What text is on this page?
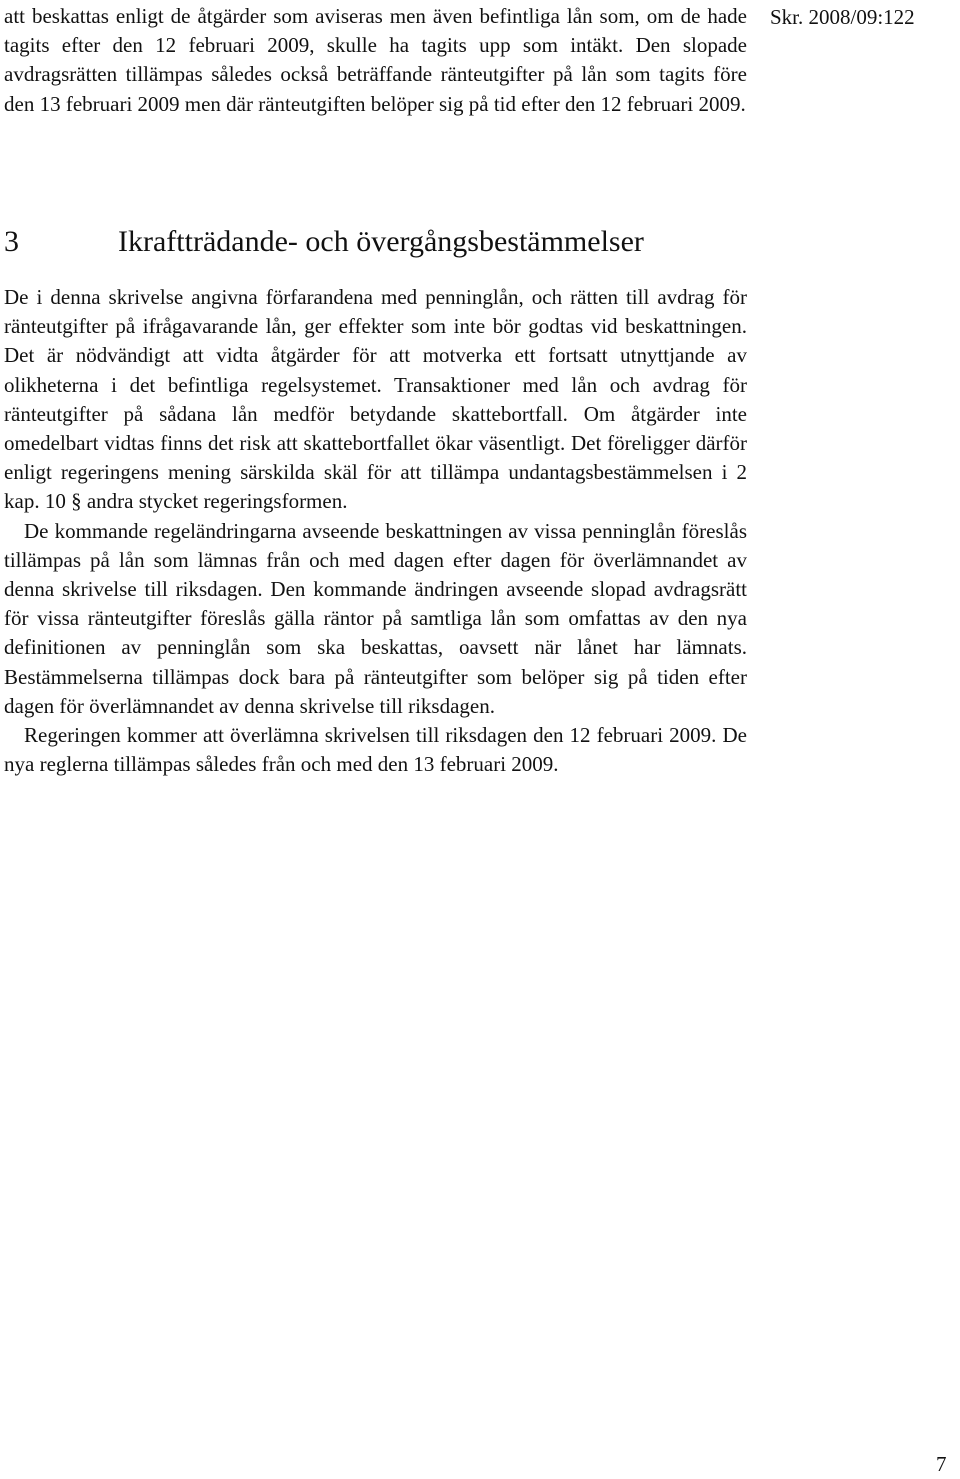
att beskattas enligt de åtgärder som aviseras men även befintliga lån som, om de hade tagits efter den 12 februari 2009, skulle ha tagits upp som intäkt. Den slopade avdragsrätten tillämpas således också beträffande ränteutgifter på lån som tagits före den 13 februari 2009 men där ränteutgiften belöper sig på tid efter den 12 februari 2009.

Skr. 2008/09:122
3	Ikraftträdande- och övergångsbestämmelser

De i denna skrivelse angivna förfarandena med penninglån, och rätten till avdrag för ränteutgifter på ifrågavarande lån, ger effekter som inte bör godtas vid beskattningen. Det är nödvändigt att vidta åtgärder för att motverka ett fortsatt utnyttjande av olikheterna i det befintliga regelsystemet. Transaktioner med lån och avdrag för ränteutgifter på sådana lån medför betydande skattebortfall. Om åtgärder inte omedelbart vidtas finns det risk att skattebortfallet ökar väsentligt. Det föreligger därför enligt regeringens mening särskilda skäl för att tillämpa undantagsbestämmelsen i 2 kap. 10 § andra stycket regeringsformen.

De kommande regeländringarna avseende beskattningen av vissa penninglån föreslås tillämpas på lån som lämnas från och med dagen efter dagen för överlämnandet av denna skrivelse till riksdagen. Den kommande ändringen avseende slopad avdragsrätt för vissa ränteutgifter föreslås gälla räntor på samtliga lån som omfattas av den nya definitionen av penninglån som ska beskattas, oavsett när lånet har lämnats. Bestämmelserna tillämpas dock bara på ränteutgifter som belöper sig på tiden efter dagen för överlämnandet av denna skrivelse till riksdagen.

Regeringen kommer att överlämna skrivelsen till riksdagen den 12 februari 2009. De nya reglerna tillämpas således från och med den 13 februari 2009.

7
